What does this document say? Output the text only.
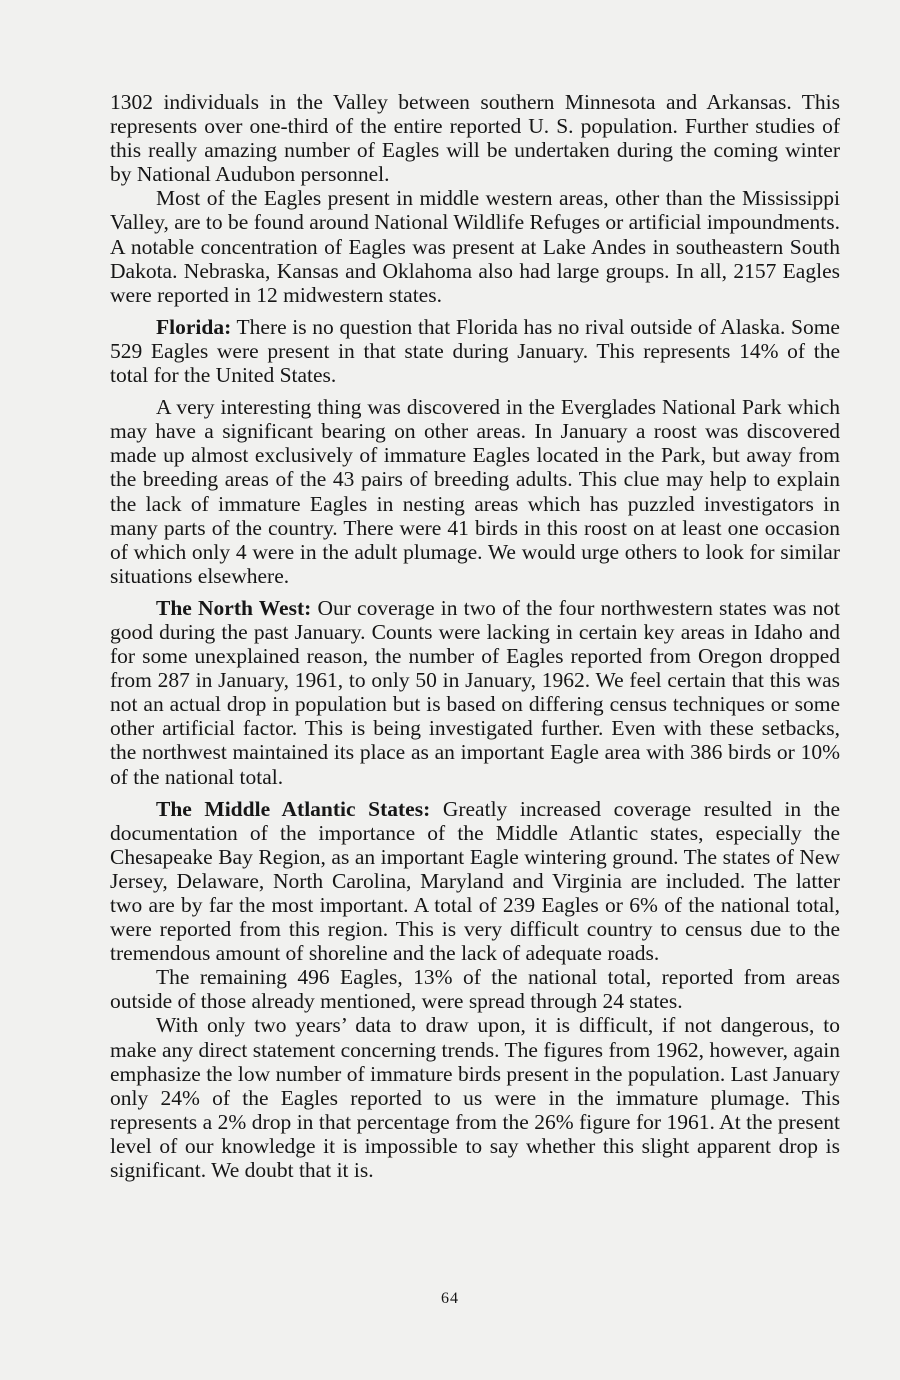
1302 individuals in the Valley between southern Minnesota and Arkansas. This represents over one-third of the entire reported U. S. population. Further studies of this really amazing number of Eagles will be undertaken during the coming winter by National Audubon personnel.

Most of the Eagles present in middle western areas, other than the Mississippi Valley, are to be found around National Wildlife Refuges or artificial impoundments. A notable concentration of Eagles was present at Lake Andes in southeastern South Dakota. Nebraska, Kansas and Oklahoma also had large groups. In all, 2157 Eagles were reported in 12 midwestern states.

Florida: There is no question that Florida has no rival outside of Alaska. Some 529 Eagles were present in that state during January. This represents 14% of the total for the United States.

A very interesting thing was discovered in the Everglades National Park which may have a significant bearing on other areas. In January a roost was discovered made up almost exclusively of immature Eagles located in the Park, but away from the breeding areas of the 43 pairs of breeding adults. This clue may help to explain the lack of immature Eagles in nesting areas which has puzzled investigators in many parts of the country. There were 41 birds in this roost on at least one occasion of which only 4 were in the adult plumage. We would urge others to look for similar situations elsewhere.

The North West: Our coverage in two of the four northwestern states was not good during the past January. Counts were lacking in certain key areas in Idaho and for some unexplained reason, the number of Eagles reported from Oregon dropped from 287 in January, 1961, to only 50 in January, 1962. We feel certain that this was not an actual drop in population but is based on differing census techniques or some other artificial factor. This is being investigated further. Even with these setbacks, the northwest maintained its place as an important Eagle area with 386 birds or 10% of the national total.

The Middle Atlantic States: Greatly increased coverage resulted in the documentation of the importance of the Middle Atlantic states, especially the Chesapeake Bay Region, as an important Eagle wintering ground. The states of New Jersey, Delaware, North Carolina, Maryland and Virginia are included. The latter two are by far the most important. A total of 239 Eagles or 6% of the national total, were reported from this region. This is very difficult country to census due to the tremendous amount of shoreline and the lack of adequate roads.

The remaining 496 Eagles, 13% of the national total, reported from areas outside of those already mentioned, were spread through 24 states.

With only two years’ data to draw upon, it is difficult, if not dangerous, to make any direct statement concerning trends. The figures from 1962, however, again emphasize the low number of immature birds present in the population. Last January only 24% of the Eagles reported to us were in the immature plumage. This represents a 2% drop in that percentage from the 26% figure for 1961. At the present level of our knowledge it is impossible to say whether this slight apparent drop is significant. We doubt that it is.

64
